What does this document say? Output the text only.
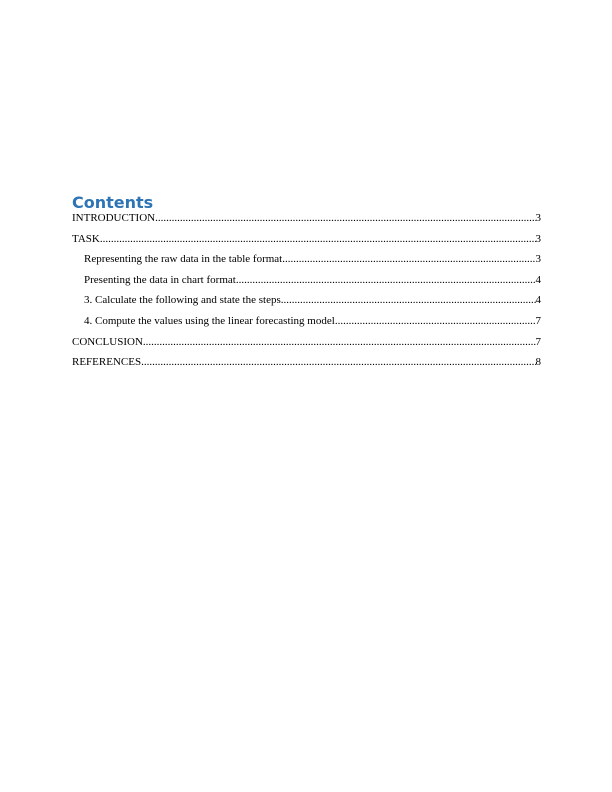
Contents
INTRODUCTION .....	3
TASK .....	3
Representing the raw data in the table format .....	3
Presenting the data in chart format .....	4
3. Calculate the following and state the steps .....	4
4. Compute the values using the linear forecasting model .....	7
CONCLUSION .....	7
REFERENCES .....	8
